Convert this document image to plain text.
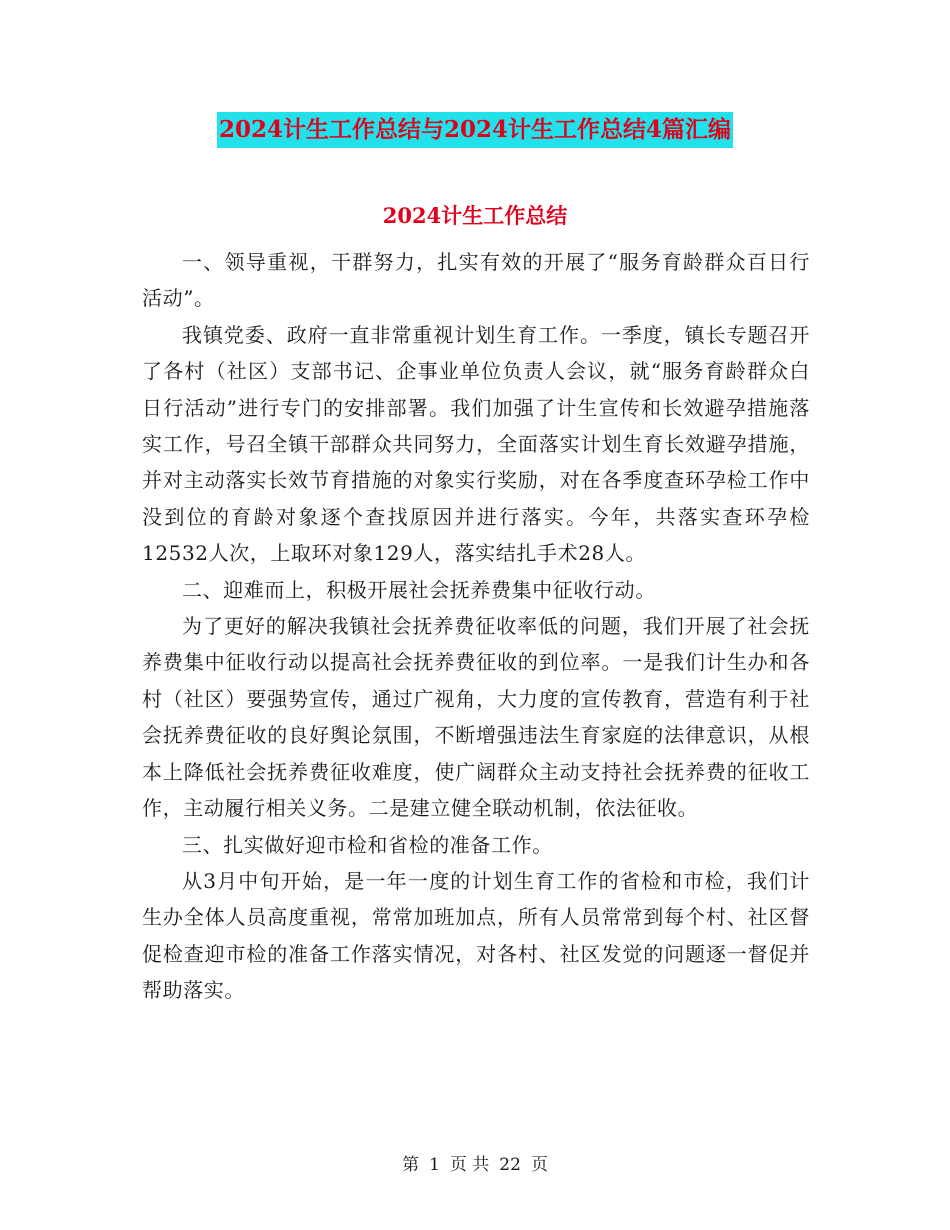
2024计生工作总结与2024计生工作总结4篇汇编
2024计生工作总结

一、领导重视，干群努力，扎实有效的开展了“服务育龄群众百日行活动”。

我镇党委、政府一直非常重视计划生育工作。一季度，镇长专题召开了各村（社区）支部书记、企事业单位负责人会议，就“服务育龄群众白日行活动”进行专门的安排部署。我们加强了计生宣传和长效避孕措施落实工作，号召全镇干部群众共同努力，全面落实计划生育长效避孕措施，并对主动落实长效节育措施的对象实行奖励，对在各季度查环孕检工作中没到位的育龄对象逐个查找原因并进行落实。今年，共落实查环孕检12532人次，上取环对象129人，落实结扎手术28人。

二、迎难而上，积极开展社会抚养费集中征收行动。

为了更好的解决我镇社会抚养费征收率低的问题，我们开展了社会抚养费集中征收行动以提高社会抚养费征收的到位率。一是我们计生办和各村（社区）要强势宣传，通过广视角，大力度的宣传教育，营造有利于社会抚养费征收的良好舆论氛围，不断增强违法生育家庭的法律意识，从根本上降低社会抚养费征收难度，使广阔群众主动支持社会抚养费的征收工作，主动履行相关义务。二是建立健全联动机制，依法征收。

三、扎实做好迎市检和省检的准备工作。

从3月中旬开始，是一年一度的计划生育工作的省检和市检，我们计生办全体人员高度重视，常常加班加点，所有人员常常到每个村、社区督促检查迎市检的准备工作落实情况，对各村、社区发觉的问题逐一督促并帮助落实。

第 1 页 共 22 页
